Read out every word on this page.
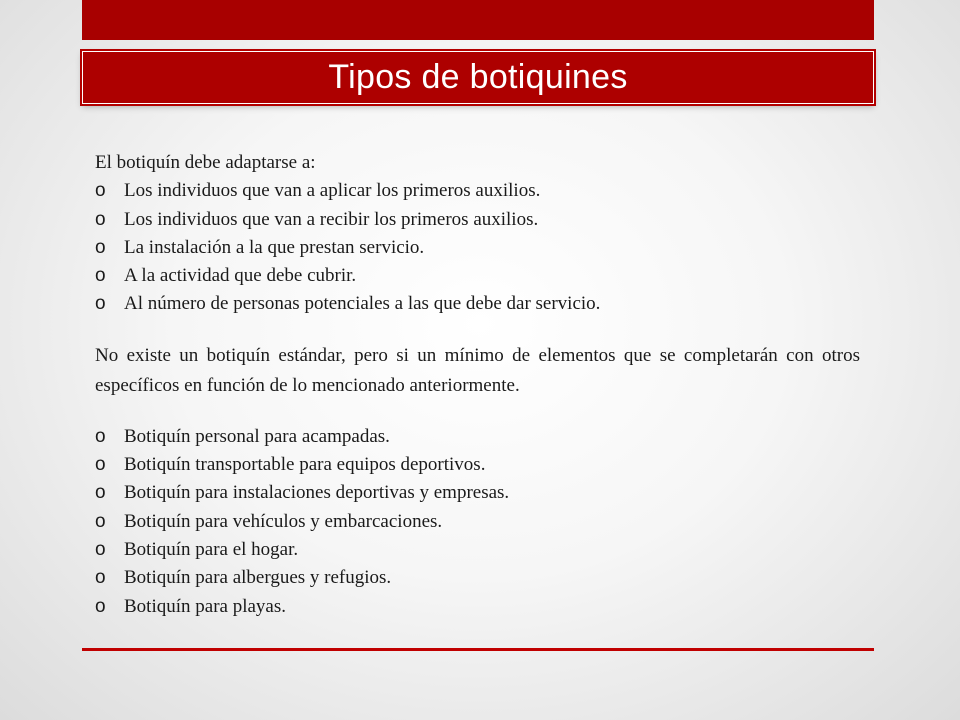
Tipos de botiquines

El botiquín debe adaptarse a:

o Los individuos que van a aplicar los primeros auxilios.
o Los individuos que van a recibir los primeros auxilios.
o La instalación a la que prestan servicio.
o A la actividad que debe cubrir.
o Al número de personas potenciales a las que debe dar servicio.

No existe un botiquín estándar, pero si un mínimo de elementos que se completarán con otros específicos en función de lo mencionado anteriormente.

o Botiquín personal para acampadas.
o Botiquín transportable para equipos deportivos.
o Botiquín para instalaciones deportivas y empresas.
o Botiquín para vehículos y embarcaciones.
o Botiquín para el hogar.
o Botiquín para albergues y refugios.
o Botiquín para playas.
